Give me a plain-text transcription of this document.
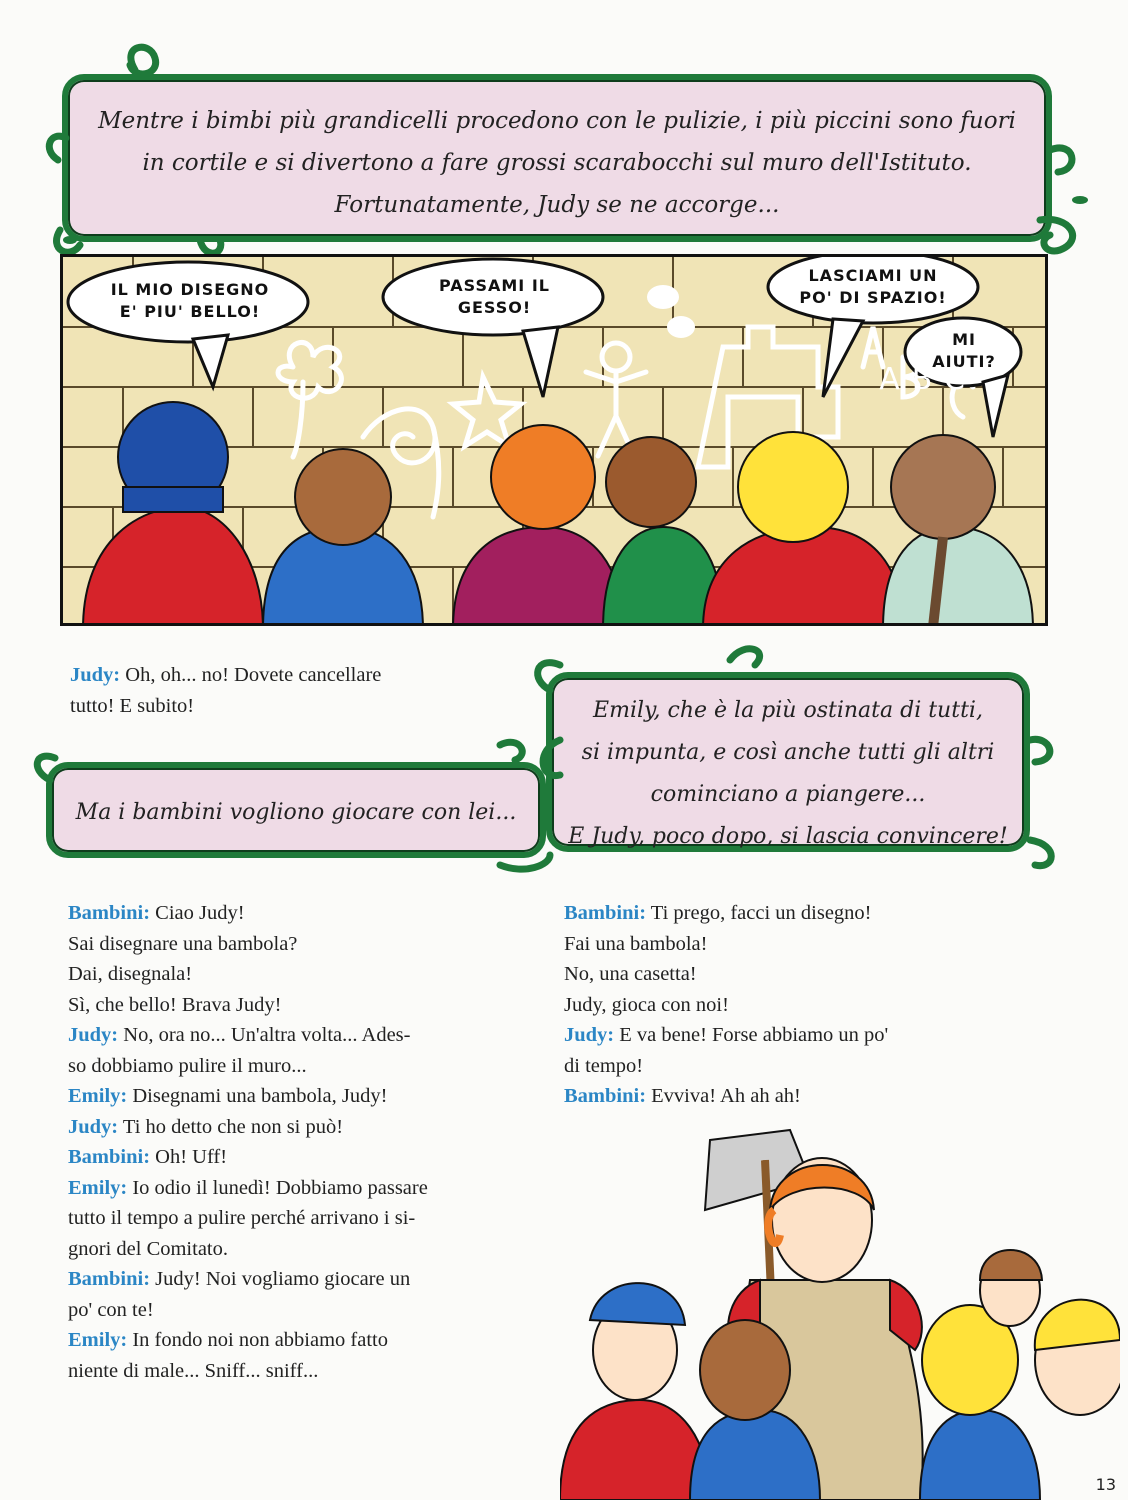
Mentre i bimbi più grandicelli procedono con le pulizie, i più piccini sono fuori

in cortile e si divertono a fare grossi scarabocchi sul muro dell'Istituto.

Fortunatamente, Judy se ne accorge...

IL MIO DISEGNO
E' PIU' BELLO!
PASSAMI IL
GESSO!
LASCIAMI UN
PO' DI SPAZIO!
MI
AIUTI?
ABC
Judy: Oh, oh... no! Dovete cancellare
tutto! E subito!	Emily, che è la più ostinata di tutti,

si impunta, e così anche tutti gli altri

cominciano a piangere...

E Judy, poco dopo, si lascia convincere!

Ma i bambini vogliono giocare con lei...

Bambini: Ciao Judy!
Sai disegnare una bambola?
Dai, disegnala!
Sì, che bello! Brava Judy!
Judy: No, ora no... Un'altra volta... Ades-
so dobbiamo pulire il muro...
Emily: Disegnami una bambola, Judy!
Judy: Ti ho detto che non si può!
Bambini: Oh! Uff!
Emily: Io odio il lunedì! Dobbiamo passare
tutto il tempo a pulire perché arrivano i si-
gnori del Comitato.
Bambini: Judy! Noi vogliamo giocare un
po' con te!
Emily: In fondo noi non abbiamo fatto
niente di male... Sniff... sniff...
Bambini: Ti prego, facci un disegno!
Fai una bambola!
No, una casetta!
Judy, gioca con noi!
Judy: E va bene! Forse abbiamo un po'
di tempo!
Bambini: Evviva! Ah ah ah!
13
